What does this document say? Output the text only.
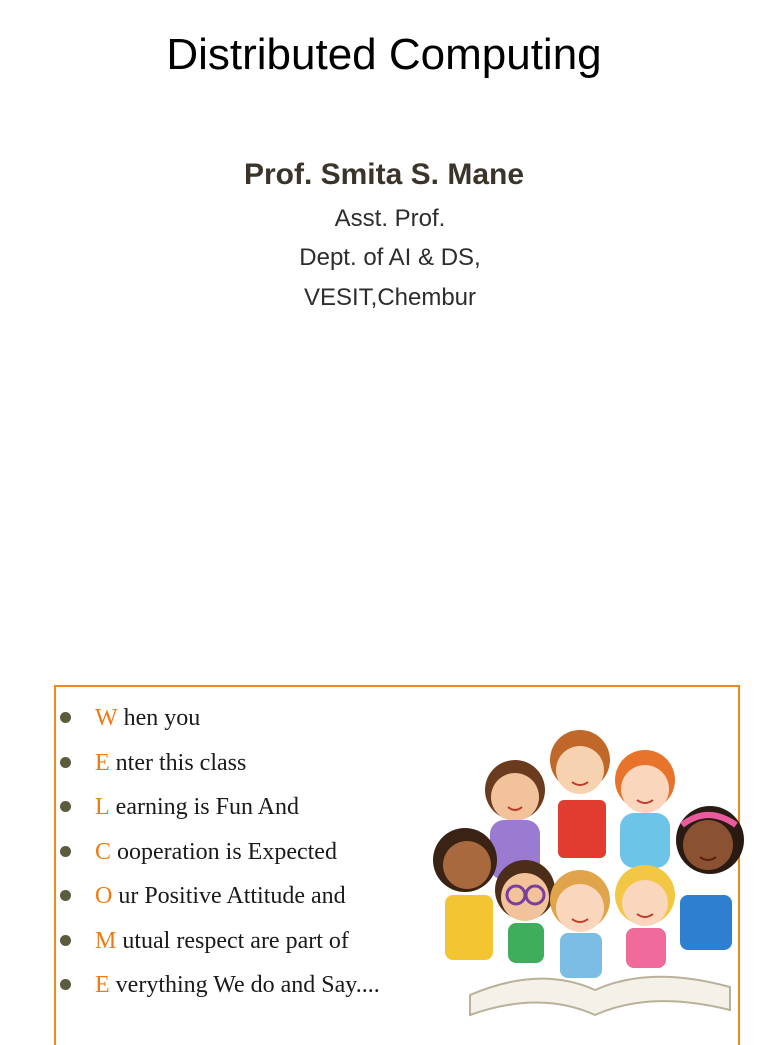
Distributed Computing
Prof. Smita S. Mane
Asst. Prof.
Dept. of AI & DS,
VESIT,Chembur
W hen you
E nter this class
L earning is Fun And
C ooperation is Expected
O ur Positive Attitude and
M utual respect are part of
E verything We do and Say....
